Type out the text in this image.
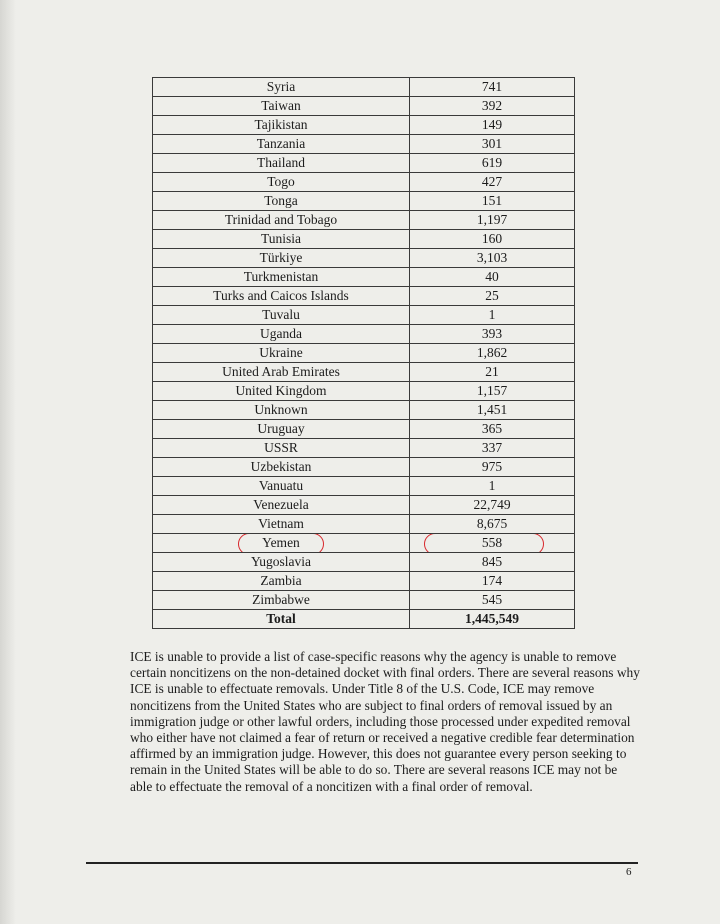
Syria	741
Taiwan	392
Tajikistan	149
Tanzania	301
Thailand	619
Togo	427
Tonga	151
Trinidad and Tobago	1,197
Tunisia	160
Türkiye	3,103
Turkmenistan	40
Turks and Caicos Islands	25
Tuvalu	1
Uganda	393
Ukraine	1,862
United Arab Emirates	21
United Kingdom	1,157
Unknown	1,451
Uruguay	365
USSR	337
Uzbekistan	975
Vanuatu	1
Venezuela	22,749
Vietnam	8,675
Yemen	558

Yugoslavia	845
Zambia	174
Zimbabwe	545
Total	1,445,549

ICE is unable to provide a list of case-specific reasons why the agency is unable to remove certain noncitizens on the non-detained docket with final orders. There are several reasons why ICE is unable to effectuate removals. Under Title 8 of the U.S. Code, ICE may remove noncitizens from the United States who are subject to final orders of removal issued by an immigration judge or other lawful orders, including those processed under expedited removal who either have not claimed a fear of return or received a negative credible fear determination affirmed by an immigration judge. However, this does not guarantee every person seeking to remain in the United States will be able to do so. There are several reasons ICE may not be able to effectuate the removal of a noncitizen with a final order of removal.

6
